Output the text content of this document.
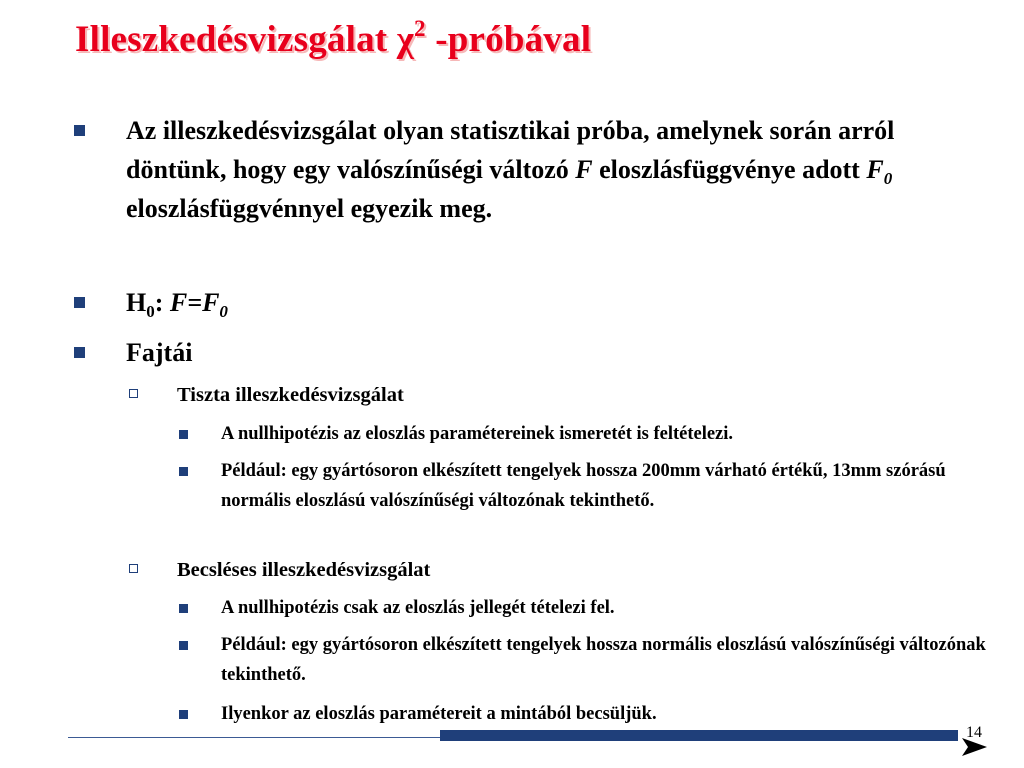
Illeszkedésvizsgálat $\chi^2$ -próbával
Az illeszkedésvizsgálat olyan statisztikai próba, amelynek során arról döntünk, hogy egy valószínűségi változó F eloszlásfüggvénye adott $F_0$ eloszlásfüggvénnyel egyezik meg.
$H_0$: $F=F_0$
Fajtái
Tiszta illeszkedésvizsgálat
A nullhipotézis az eloszlás paramétereinek ismeretét is feltételezi.
Például: egy gyártósoron elkészített tengelyek hossza 200mm várható értékű, 13mm szórású normális eloszlású valószínűségi változónak tekinthető.
Becsléses illeszkedésvizsgálat
A nullhipotézis csak az eloszlás jellegét tételezi fel.
Például: egy gyártósoron elkészített tengelyek hossza normális eloszlású valószínűségi változónak tekinthető.
Ilyenkor az eloszlás paramétereit a mintából becsüljük.
14
